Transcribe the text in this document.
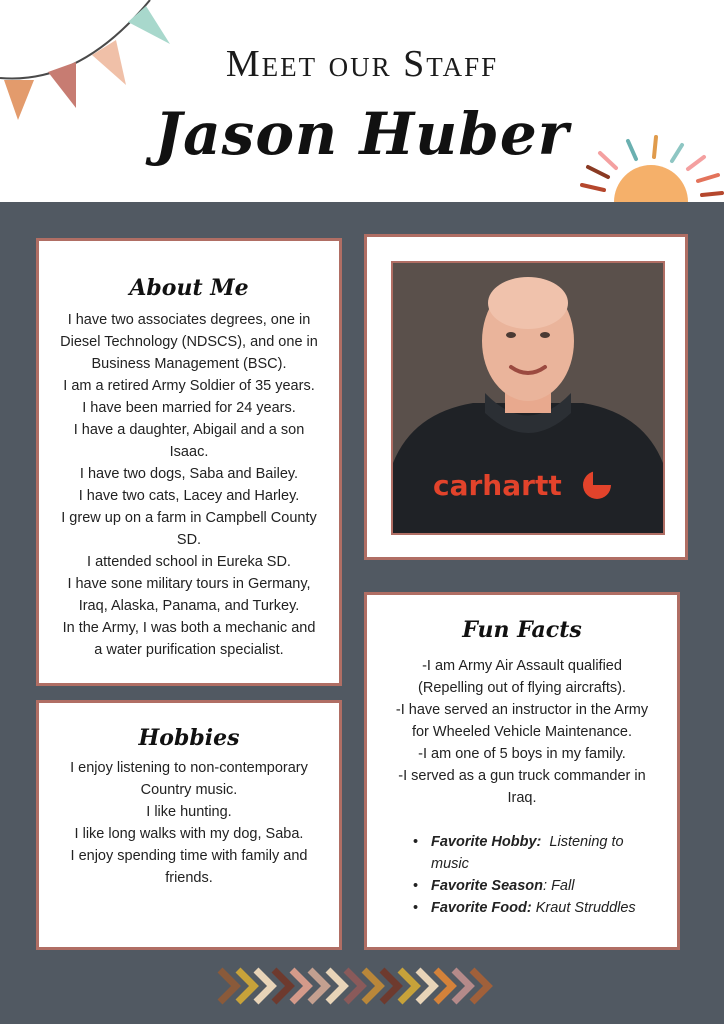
Meet our Staff
Jason Huber
About Me
I have two associates degrees, one in
Diesel Technology (NDSCS), and one in
Business Management (BSC).
I am a retired Army Soldier of 35 years.
I have been married for 24 years.
I have a daughter, Abigail and a son
Isaac.
I have two dogs, Saba and Bailey.
I have two cats, Lacey and Harley.
I grew up on a farm in Campbell County
SD.
I attended school in Eureka SD.
I have sone military tours in Germany,
Iraq, Alaska, Panama, and Turkey.
In the Army, I was both a mechanic and
a water purification specialist.
carhartt
Hobbies
I enjoy listening to non-contemporary
Country music.
I like hunting.
I like long walks with my dog, Saba.
I enjoy spending time with family and
friends.
Fun Facts
-I am Army Air Assault qualified
(Repelling out of flying aircrafts).
-I have served an instructor in the Army
for Wheeled Vehicle Maintenance.
-I am one of 5 boys in my family.
-I served as a gun truck commander in
Iraq.
• Favorite Hobby:  Listening to
music
• Favorite Season: Fall
• Favorite Food: Kraut Struddles
